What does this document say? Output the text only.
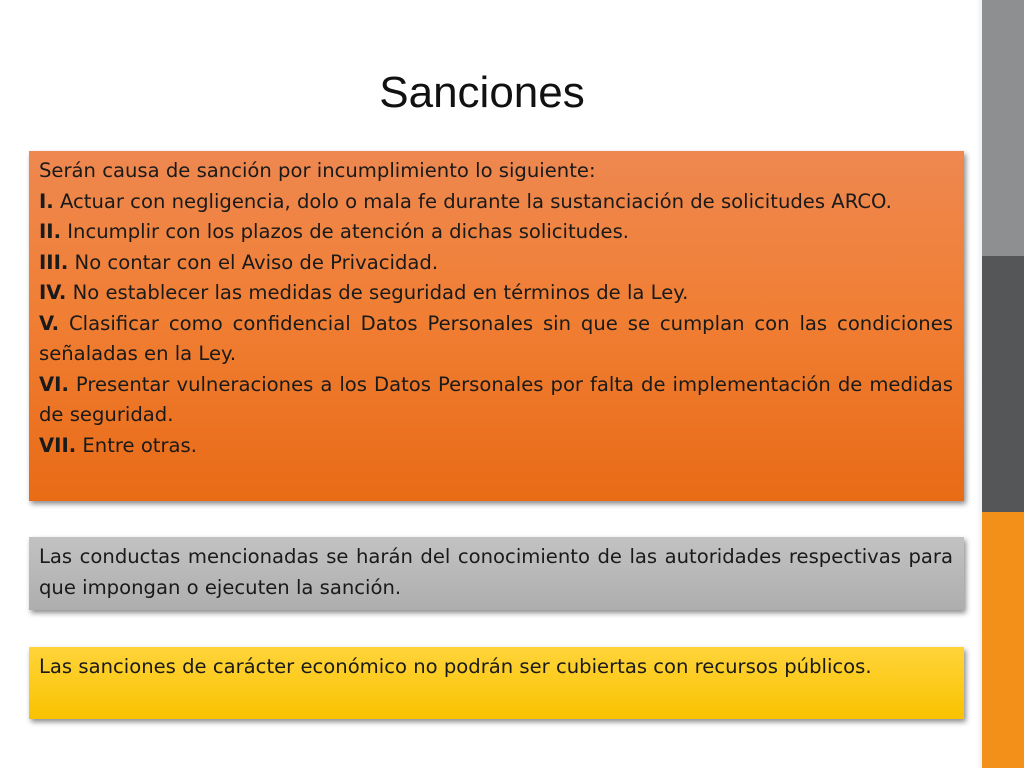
Sanciones

Serán causa de sanción por incumplimiento lo siguiente:

I. Actuar con negligencia, dolo o mala fe durante la sustanciación de solicitudes ARCO.

II. Incumplir con los plazos de atención a dichas solicitudes.

III. No contar con el Aviso de Privacidad.

IV. No establecer las medidas de seguridad en términos de la Ley.

V. Clasificar como confidencial Datos Personales sin que se cumplan con las condiciones señaladas en la Ley.

VI. Presentar vulneraciones a los Datos Personales por falta de implementación de medidas de seguridad.

VII. Entre otras.

Las conductas mencionadas se harán del conocimiento de las autoridades respectivas para que impongan o ejecuten la sanción.

Las sanciones de carácter económico no podrán ser cubiertas con recursos públicos.
